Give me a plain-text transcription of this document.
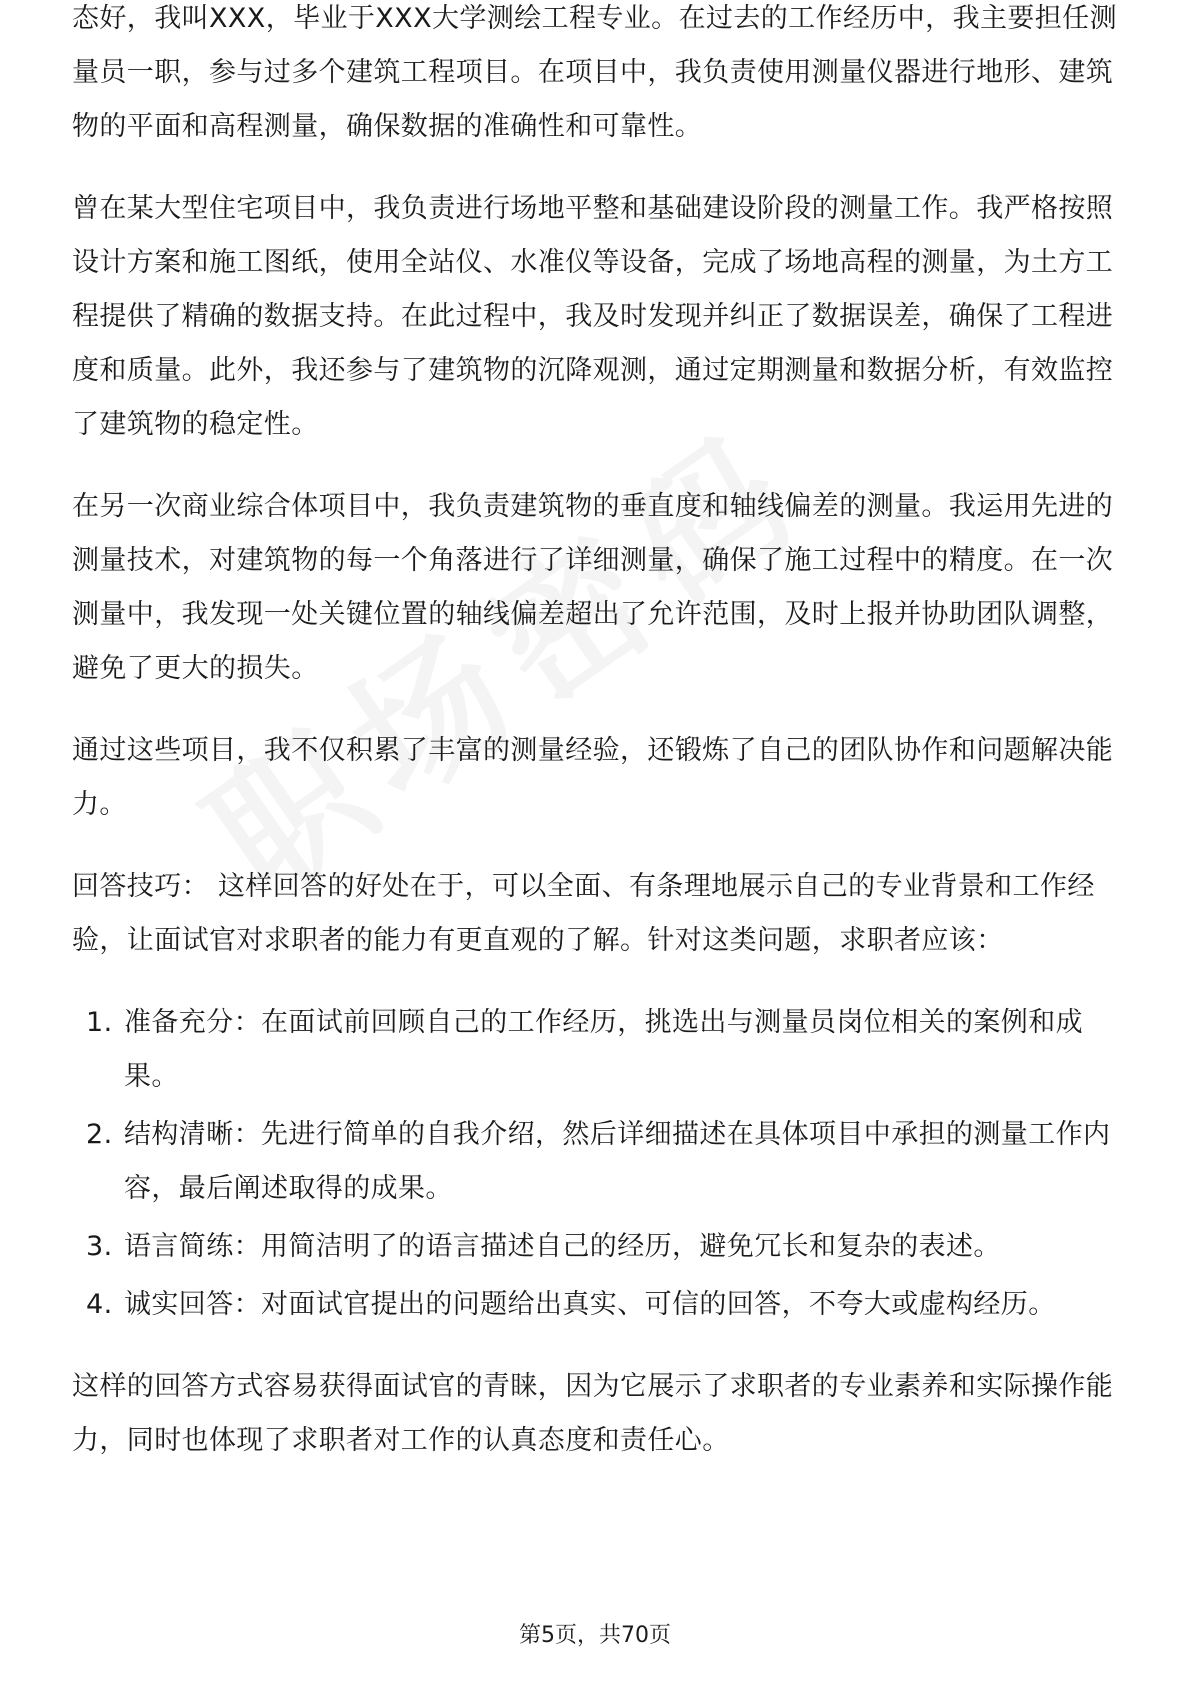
态好，我叫XXX，毕业于XXX大学测绘工程专业。在过去的工作经历中，我主要担任测量员一职，参与过多个建筑工程项目。在项目中，我负责使用测量仪器进行地形、建筑物的平面和高程测量，确保数据的准确性和可靠性。

曾在某大型住宅项目中，我负责进行场地平整和基础建设阶段的测量工作。我严格按照设计方案和施工图纸，使用全站仪、水准仪等设备，完成了场地高程的测量，为土方工程提供了精确的数据支持。在此过程中，我及时发现并纠正了数据误差，确保了工程进度和质量。此外，我还参与了建筑物的沉降观测，通过定期测量和数据分析，有效监控了建筑物的稳定性。

在另一次商业综合体项目中，我负责建筑物的垂直度和轴线偏差的测量。我运用先进的测量技术，对建筑物的每一个角落进行了详细测量，确保了施工过程中的精度。在一次测量中，我发现一处关键位置的轴线偏差超出了允许范围，及时上报并协助团队调整，避免了更大的损失。

通过这些项目，我不仅积累了丰富的测量经验，还锻炼了自己的团队协作和问题解决能力。

回答技巧： 这样回答的好处在于，可以全面、有条理地展示自己的专业背景和工作经验，让面试官对求职者的能力有更直观的了解。针对这类问题，求职者应该：

1. 准备充分：在面试前回顾自己的工作经历，挑选出与测量员岗位相关的案例和成果。
2. 结构清晰：先进行简单的自我介绍，然后详细描述在具体项目中承担的测量工作内容，最后阐述取得的成果。
3. 语言简练：用简洁明了的语言描述自己的经历，避免冗长和复杂的表述。
4. 诚实回答：对面试官提出的问题给出真实、可信的回答，不夸大或虚构经历。

这样的回答方式容易获得面试官的青睐，因为它展示了求职者的专业素养和实际操作能力，同时也体现了求职者对工作的认真态度和责任心。

第5页，共70页
